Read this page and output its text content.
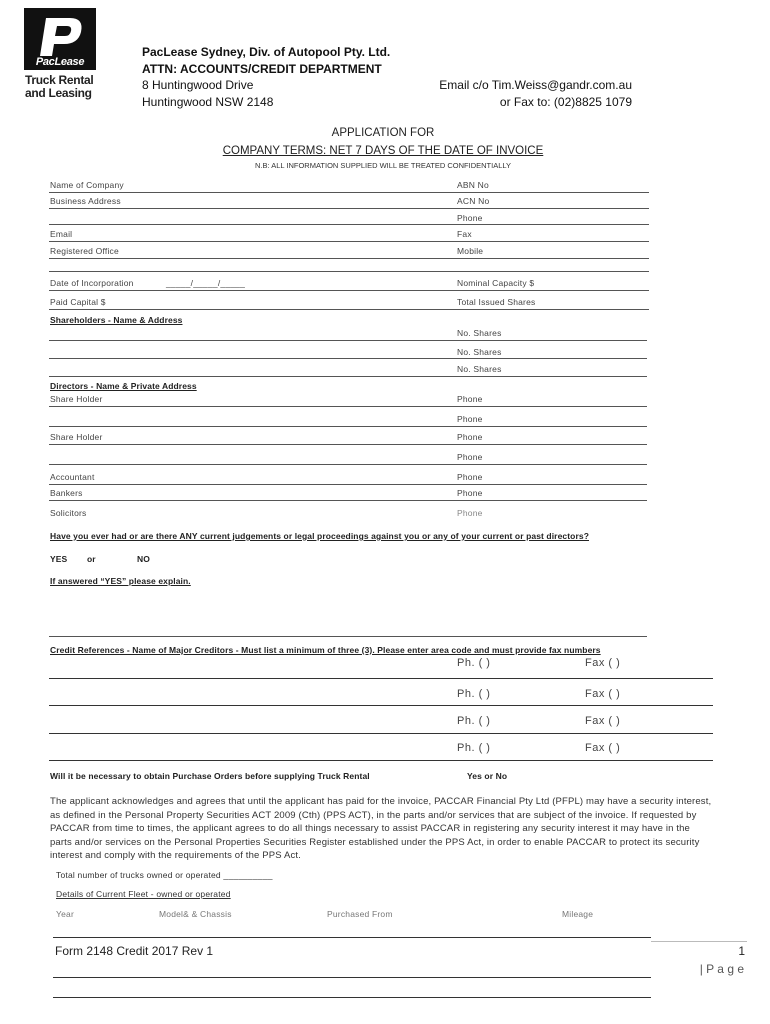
PacLease
Truck Rental
and Leasing
PacLease Sydney, Div. of Autopool Pty. Ltd.
ATTN: ACCOUNTS/CREDIT DEPARTMENT
8 Huntingwood Drive
Huntingwood NSW 2148
Email c/o Tim.Weiss@gandr.com.au
or Fax to: (02)8825 1079
APPLICATION FOR
COMPANY TERMS: NET 7 DAYS OF THE DATE OF INVOICE
N.B: ALL INFORMATION SUPPLIED WILL BE TREATED CONFIDENTIALLY
Name of Company	ABN No
Business Address	ACN No
Phone
Email	Fax
Registered Office	Mobile
Date of Incorporation	_____/_____/_____	Nominal Capacity $
Paid Capital $	Total Issued Shares
Shareholders - Name & Address
No. Shares
No. Shares
No. Shares
Directors - Name & Private Address
Share Holder	Phone
Phone
Share Holder	Phone
Phone
Accountant	Phone
Bankers	Phone
Solicitors	Phone
Have you ever had or are there ANY current judgements or legal proceedings against you or any of your current or past directors?
YES or	NO
If answered “YES” please explain.
Credit References - Name of Major Creditors - Must list a minimum of three (3). Please enter area code and must provide fax numbers
Ph. ( )	Fax ( )
Ph. ( )	Fax ( )
Ph. ( )	Fax ( )
Ph. ( )	Fax ( )
Will it be necessary to obtain Purchase Orders before supplying Truck Rental	Yes or No
The applicant acknowledges and agrees that until the applicant has paid for the invoice, PACCAR Financial Pty Ltd (PFPL) may have a security interest, as defined in the Personal Property Securities ACT 2009 (Cth) (PPS ACT), in the parts and/or services that are subject of the invoice. If requested by PACCAR from time to times, the applicant agrees to do all things necessary to assist PACCAR in registering any security interest it may have in the parts and/or services on the Personal Properties Securities Register established under the PPS Act, in order to enable PACCAR to protect its security interest and comply with the requirements of the PPS Act.
Total number of trucks owned or operated __________
Details of Current Fleet - owned or operated
Year	Model& & Chassis	Purchased From	Mileage
Form 2148 Credit 2017 Rev 1	1
| P a g e
